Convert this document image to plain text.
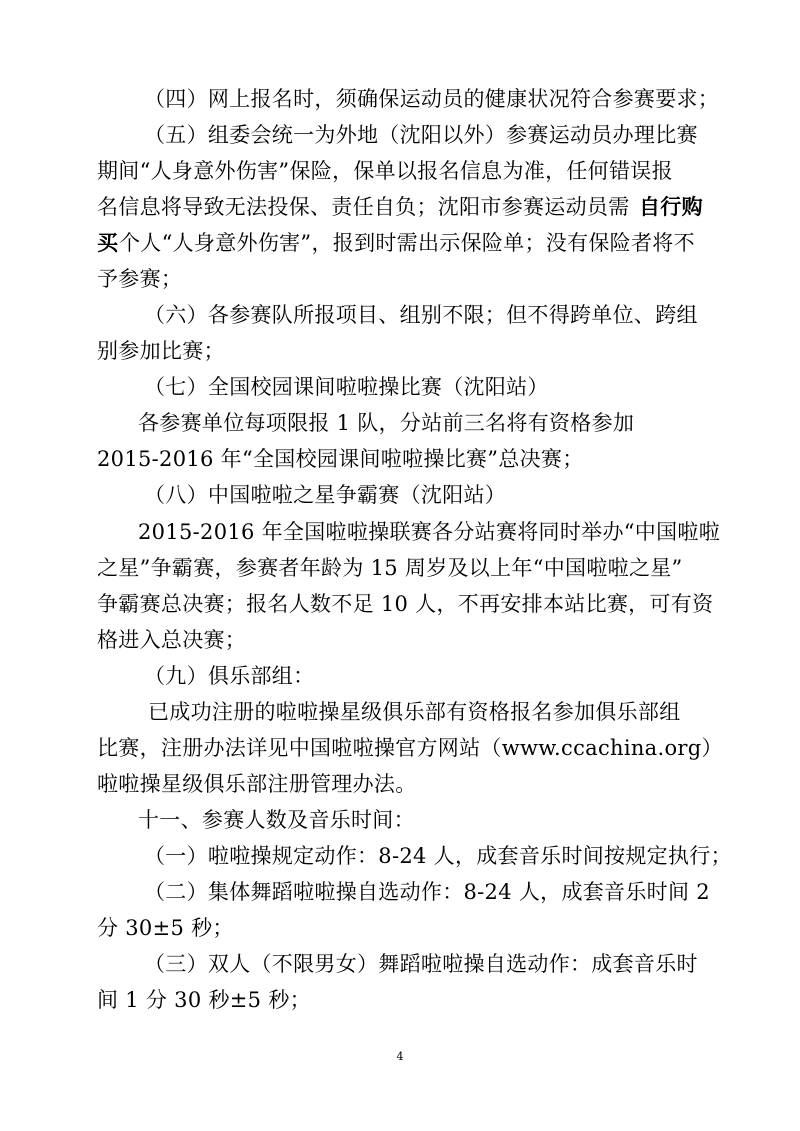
（四）网上报名时，须确保运动员的健康状况符合参赛要求；
（五）组委会统一为外地（沈阳以外）参赛运动员办理比赛
期间“人身意外伤害”保险，保单以报名信息为准，任何错误报
名信息将导致无法投保、责任自负；沈阳市参赛运动员需 自行购
买 个人“人身意外伤害”，报到时需出示保险单；没有保险者将不
予参赛；
（六）各参赛队所报项目、组别不限；但不得跨单位、跨组
别参加比赛；
（七）全国校园课间啦啦操比赛（沈阳站）
各参赛单位每项限报 1 队，分站前三名将有资格参加
2015-2016 年“全国校园课间啦啦操比赛”总决赛；
（八）中国啦啦之星争霸赛（沈阳站）
2015-2016 年全国啦啦操联赛各分站赛将同时举办“中国啦啦
之星”争霸赛，参赛者年龄为 15 周岁及以上年“中国啦啦之星”
争霸赛总决赛；报名人数不足 10 人，不再安排本站比赛，可有资
格进入总决赛；
（九）俱乐部组：
已成功注册的啦啦操星级俱乐部有资格报名参加俱乐部组
比赛，注册办法详见中国啦啦操官方网站（www.ccachina.org）
啦啦操星级俱乐部注册管理办法。
十一、参赛人数及音乐时间：
（一）啦啦操规定动作：8-24 人，成套音乐时间按规定执行；
（二）集体舞蹈啦啦操自选动作：8-24 人，成套音乐时间 2
分 30±5 秒；
（三）双人（不限男女）舞蹈啦啦操自选动作：成套音乐时
间 1 分 30 秒±5 秒；
4
